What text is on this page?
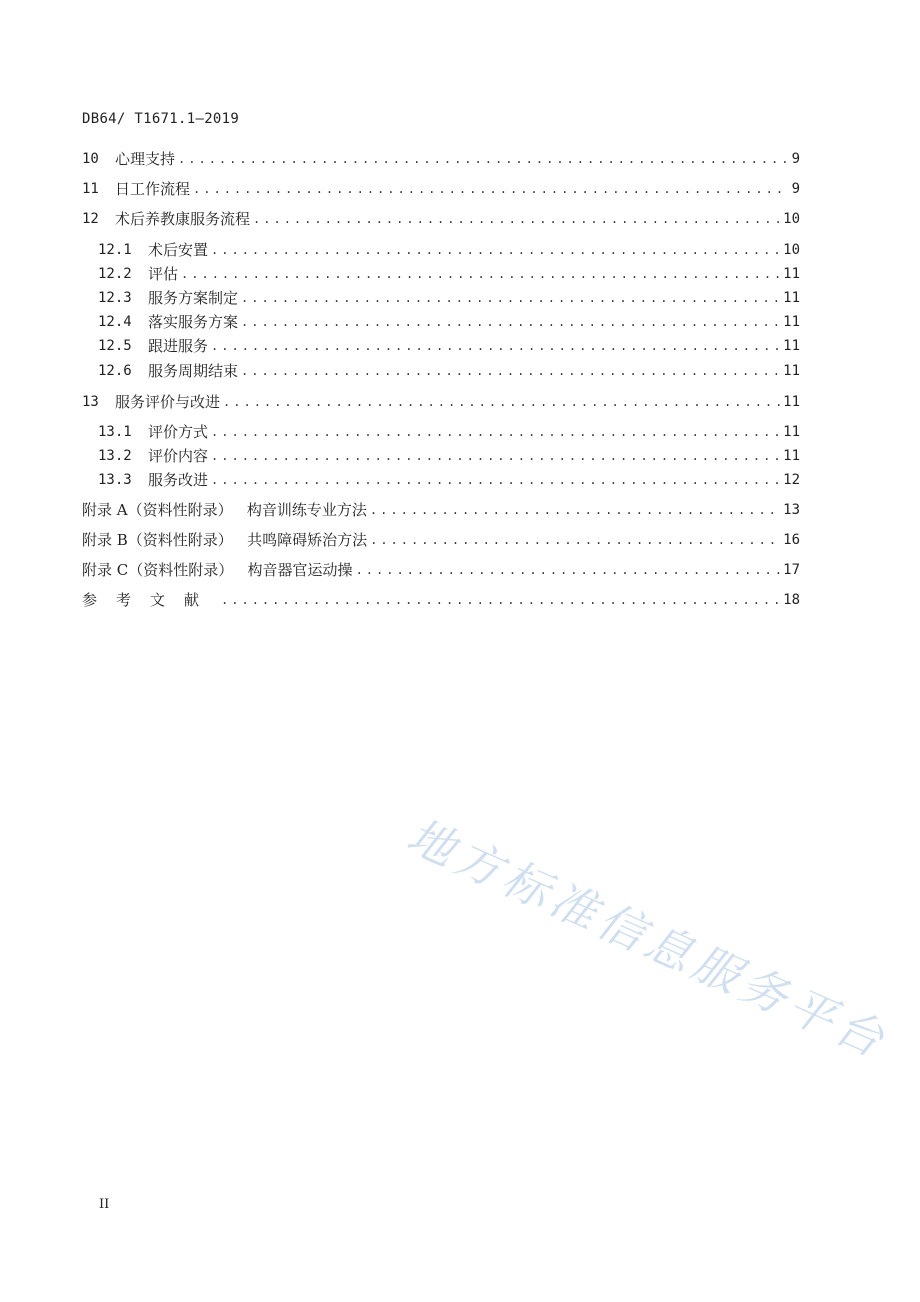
DB64/ T1671.1—2019
10	心理支持 .....	9
11	日工作流程 .....	9
12	术后养教康服务流程 .....	10
12.1	术后安置 .....	10
12.2	评估 .....	11
12.3	服务方案制定 .....	11
12.4	落实服务方案 .....	11
12.5	跟进服务 .....	11
12.6	服务周期结束 .....	11
13	服务评价与改进 .....	11
13.1	评价方式 .....	11
13.2	评价内容 .....	11
13.3	服务改进 .....	12
附录 A（资料性附录）   构音训练专业方法 .....	13
附录 B（资料性附录）   共鸣障碍矫治方法 .....	16
附录 C（资料性附录）   构音器官运动操 .....	17
参考文献 .....	18
地方标准信息服务平台
II
